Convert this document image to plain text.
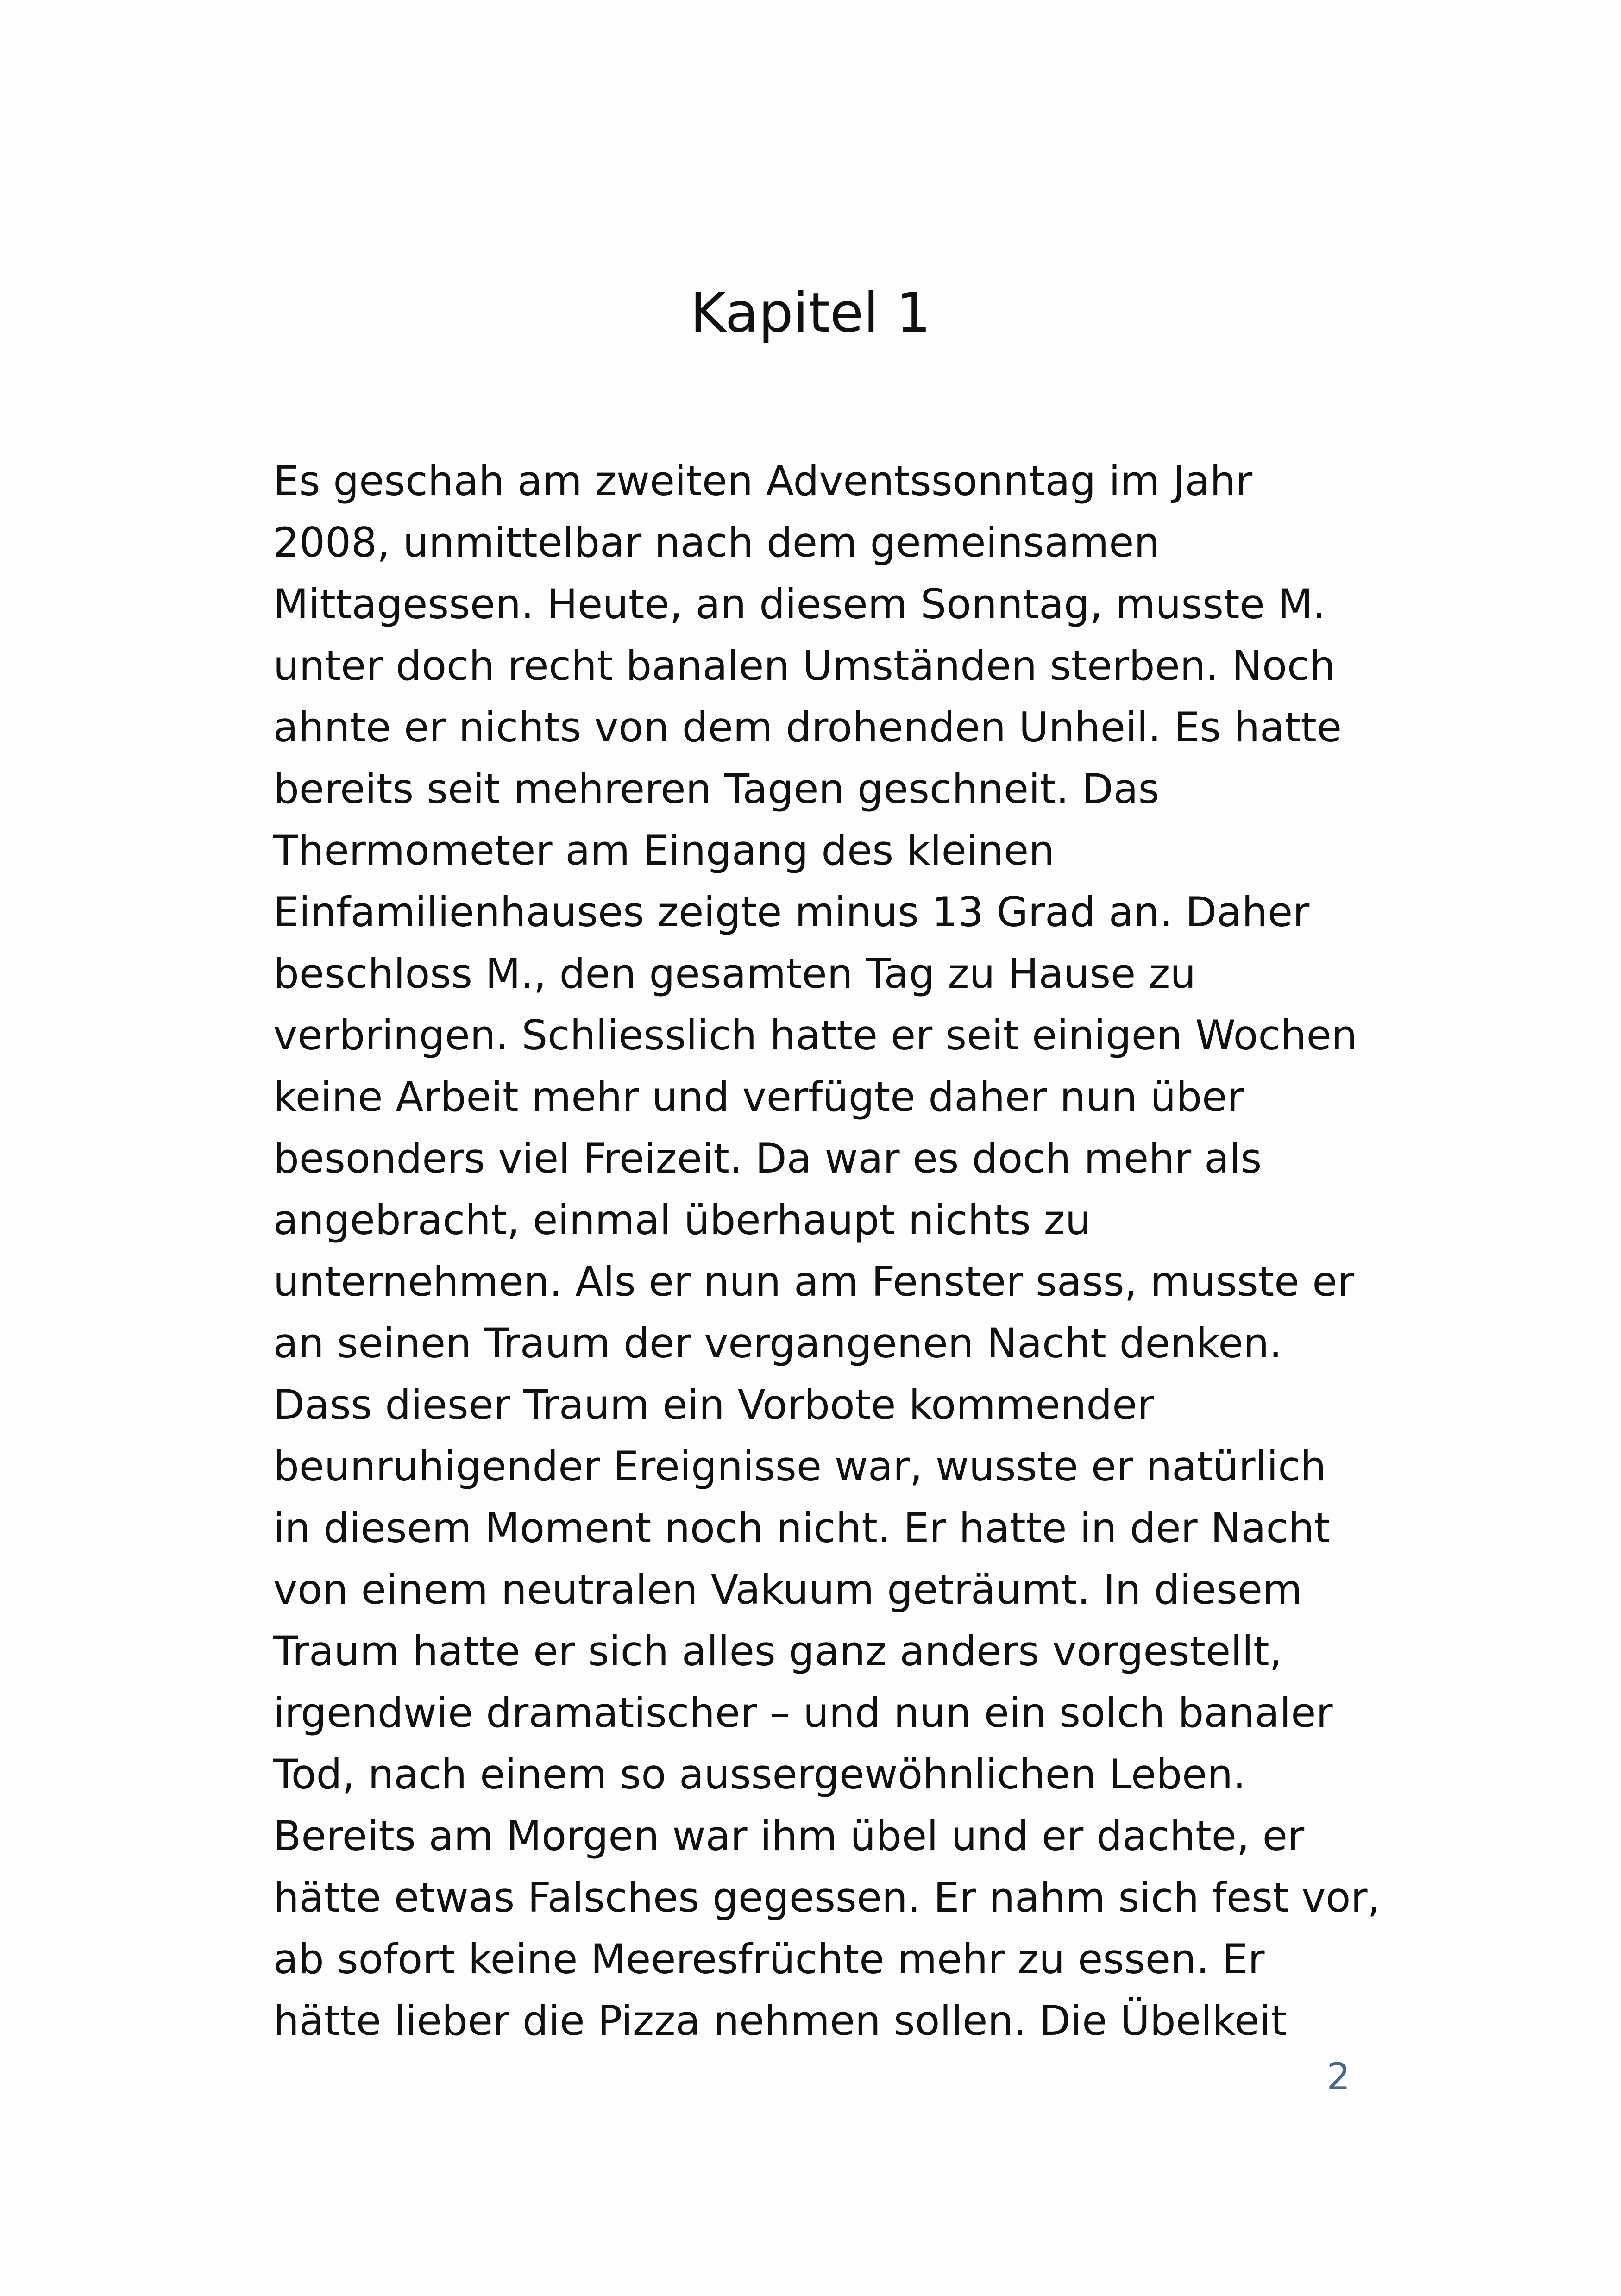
Kapitel 1
Es geschah am zweiten Adventssonntag im Jahr
2008, unmittelbar nach dem gemeinsamen
Mittagessen. Heute, an diesem Sonntag, musste M.
unter doch recht banalen Umständen sterben. Noch
ahnte er nichts von dem drohenden Unheil. Es hatte
bereits seit mehreren Tagen geschneit. Das
Thermometer am Eingang des kleinen
Einfamilienhauses zeigte minus 13 Grad an. Daher
beschloss M., den gesamten Tag zu Hause zu
verbringen. Schliesslich hatte er seit einigen Wochen
keine Arbeit mehr und verfügte daher nun über
besonders viel Freizeit. Da war es doch mehr als
angebracht, einmal überhaupt nichts zu
unternehmen. Als er nun am Fenster sass, musste er
an seinen Traum der vergangenen Nacht denken.
Dass dieser Traum ein Vorbote kommender
beunruhigender Ereignisse war, wusste er natürlich
in diesem Moment noch nicht. Er hatte in der Nacht
von einem neutralen Vakuum geträumt. In diesem
Traum hatte er sich alles ganz anders vorgestellt,
irgendwie dramatischer – und nun ein solch banaler
Tod, nach einem so aussergewöhnlichen Leben.
Bereits am Morgen war ihm übel und er dachte, er
hätte etwas Falsches gegessen. Er nahm sich fest vor,
ab sofort keine Meeresfrüchte mehr zu essen. Er
hätte lieber die Pizza nehmen sollen. Die Übelkeit
2
